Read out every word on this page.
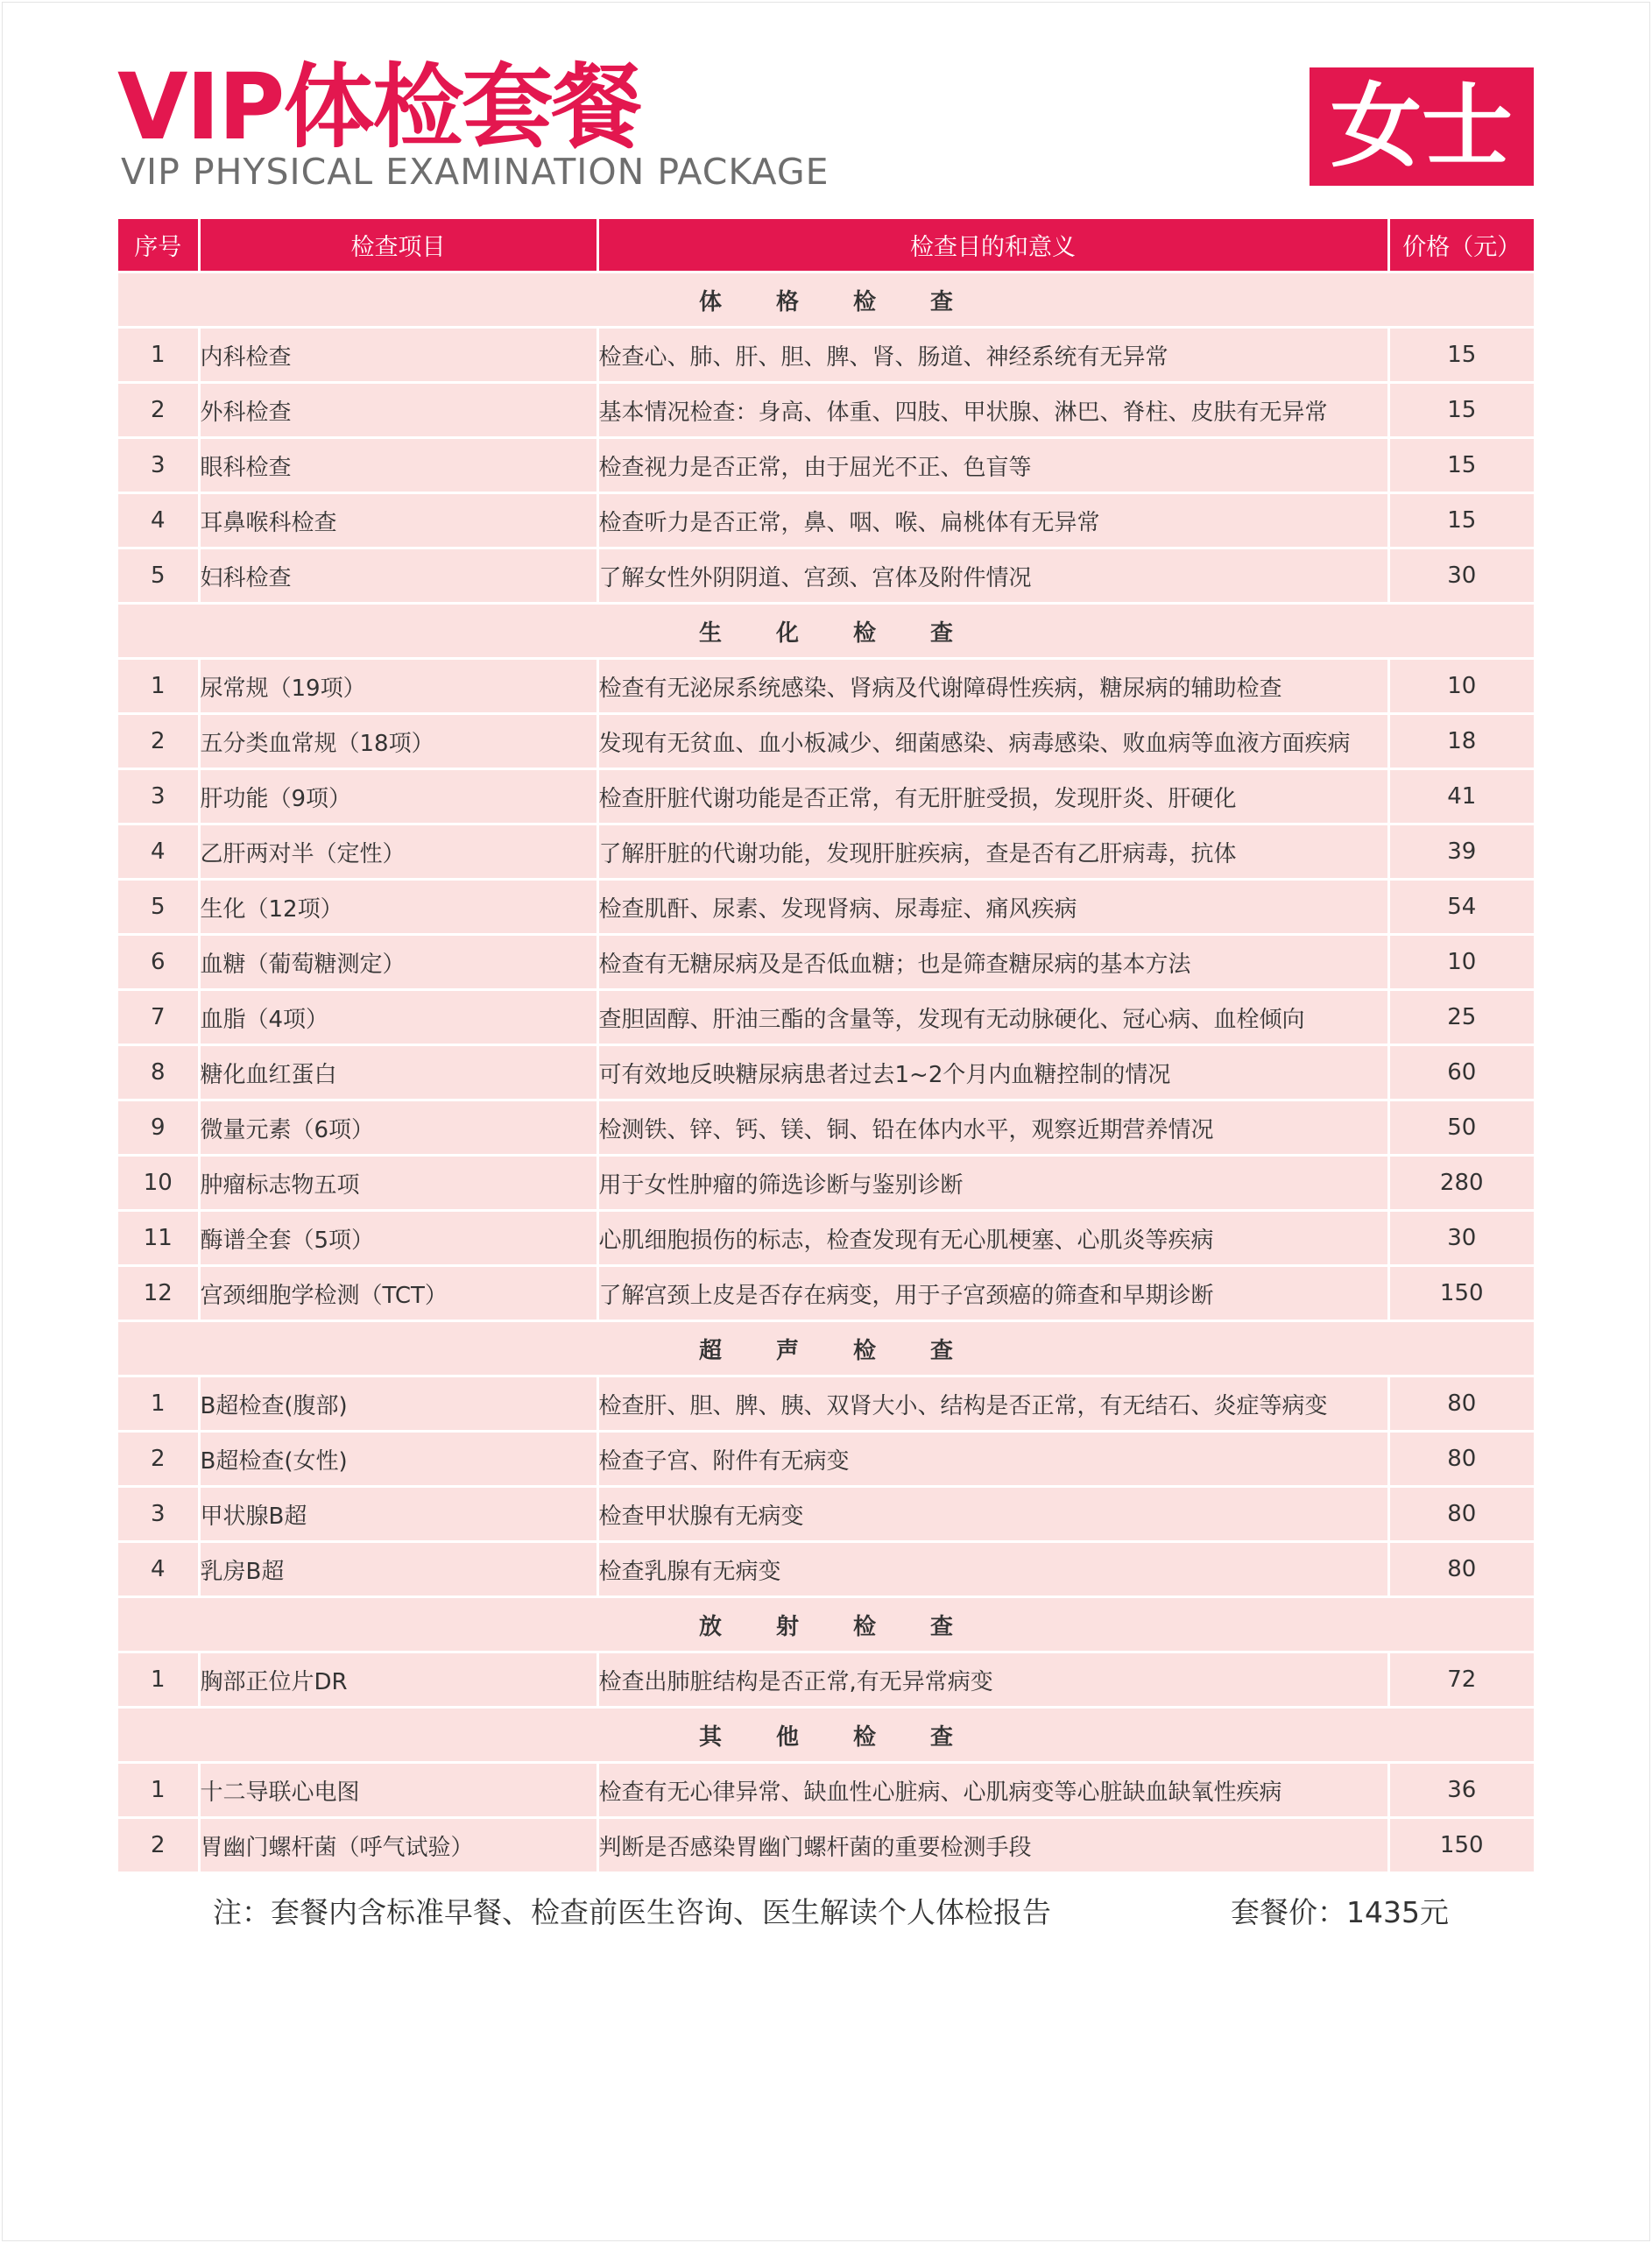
VIP体检套餐
VIP PHYSICAL EXAMINATION PACKAGE	女士
序号	检查项目	检查目的和意义	价格（元）
体格检查			
1	内科检查	检查心、肺、肝、胆、脾、肾、肠道、神经系统有无异常	15
2	外科检查	基本情况检查：身高、体重、四肢、甲状腺、淋巴、脊柱、皮肤有无异常	15
3	眼科检查	检查视力是否正常，由于屈光不正、色盲等	15
4	耳鼻喉科检查	检查听力是否正常，鼻、咽、喉、扁桃体有无异常	15
5	妇科检查	了解女性外阴阴道、宫颈、宫体及附件情况	30
生化检查			
1	尿常规（19项）	检查有无泌尿系统感染、肾病及代谢障碍性疾病，糖尿病的辅助检查	10
2	五分类血常规（18项）	发现有无贫血、血小板减少、细菌感染、病毒感染、败血病等血液方面疾病	18
3	肝功能（9项）	检查肝脏代谢功能是否正常，有无肝脏受损，发现肝炎、肝硬化	41
4	乙肝两对半（定性）	了解肝脏的代谢功能，发现肝脏疾病，查是否有乙肝病毒，抗体	39
5	生化（12项）	检查肌酐、尿素、发现肾病、尿毒症、痛风疾病	54
6	血糖（葡萄糖测定）	检查有无糖尿病及是否低血糖；也是筛查糖尿病的基本方法	10
7	血脂（4项）	查胆固醇、肝油三酯的含量等，发现有无动脉硬化、冠心病、血栓倾向	25
8	糖化血红蛋白	可有效地反映糖尿病患者过去1~2个月内血糖控制的情况	60
9	微量元素（6项）	检测铁、锌、钙、镁、铜、铅在体内水平，观察近期营养情况	50
10	肿瘤标志物五项	用于女性肿瘤的筛选诊断与鉴别诊断	280
11	酶谱全套（5项）	心肌细胞损伤的标志，检查发现有无心肌梗塞、心肌炎等疾病	30
12	宫颈细胞学检测（TCT）	了解宫颈上皮是否存在病变，用于子宫颈癌的筛查和早期诊断	150
超声检查			
1	B超检查(腹部)	检查肝、胆、脾、胰、双肾大小、结构是否正常，有无结石、炎症等病变	80
2	B超检查(女性)	检查子宫、附件有无病变	80
3	甲状腺B超	检查甲状腺有无病变	80
4	乳房B超	检查乳腺有无病变	80
放射检查			
1	胸部正位片DR	检查出肺脏结构是否正常,有无异常病变	72
其他检查			
1	十二导联心电图	检查有无心律异常、缺血性心脏病、心肌病变等心脏缺血缺氧性疾病	36
2	胃幽门螺杆菌（呼气试验）	判断是否感染胃幽门螺杆菌的重要检测手段	150
注：套餐内含标准早餐、检查前医生咨询、医生解读个人体检报告	套餐价：1435元
